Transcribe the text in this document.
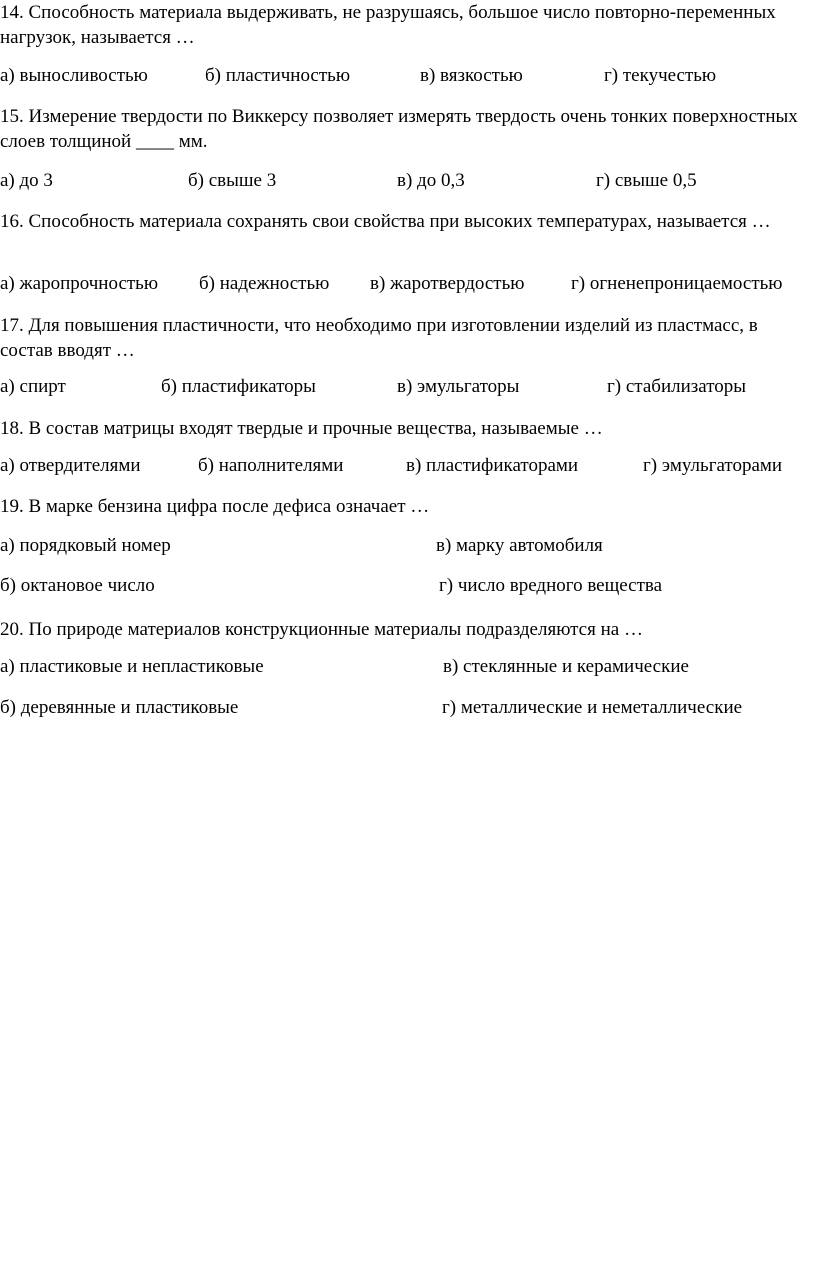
14. Способность материала выдерживать, не разрушаясь, большое число повторно-переменных нагрузок, называется …
а) выносливостью	б) пластичностью	в) вязкостью	г) текучестью
15. Измерение твердости по Виккерсу позволяет измерять твердость очень тонких поверхностных слоев толщиной ____ мм.
а) до 3	б) свыше 3	в) до 0,3	г) свыше 0,5
16. Способность материала сохранять свои свойства при высоких температурах, называется …
а) жаропрочностью б) надежностью в) жаротвердостью г) огненепроницаемостью
17. Для повышения пластичности, что необходимо при изготовлении изделий из пластмасс, в состав вводят …
а) спирт	б) пластификаторы	в) эмульгаторы	г) стабилизаторы
18. В состав матрицы входят твердые и прочные вещества, называемые …
а) отвердителями	б) наполнителями	в) пластификаторами	г) эмульгаторами
19. В марке бензина цифра после дефиса означает …
а) порядковый номер	в) марку автомобиля
б) октановое число	г) число вредного вещества
20. По природе материалов конструкционные материалы подразделяются на …
а) пластиковые и непластиковые	в) стеклянные и керамические
б) деревянные и пластиковые	г) металлические и неметаллические
